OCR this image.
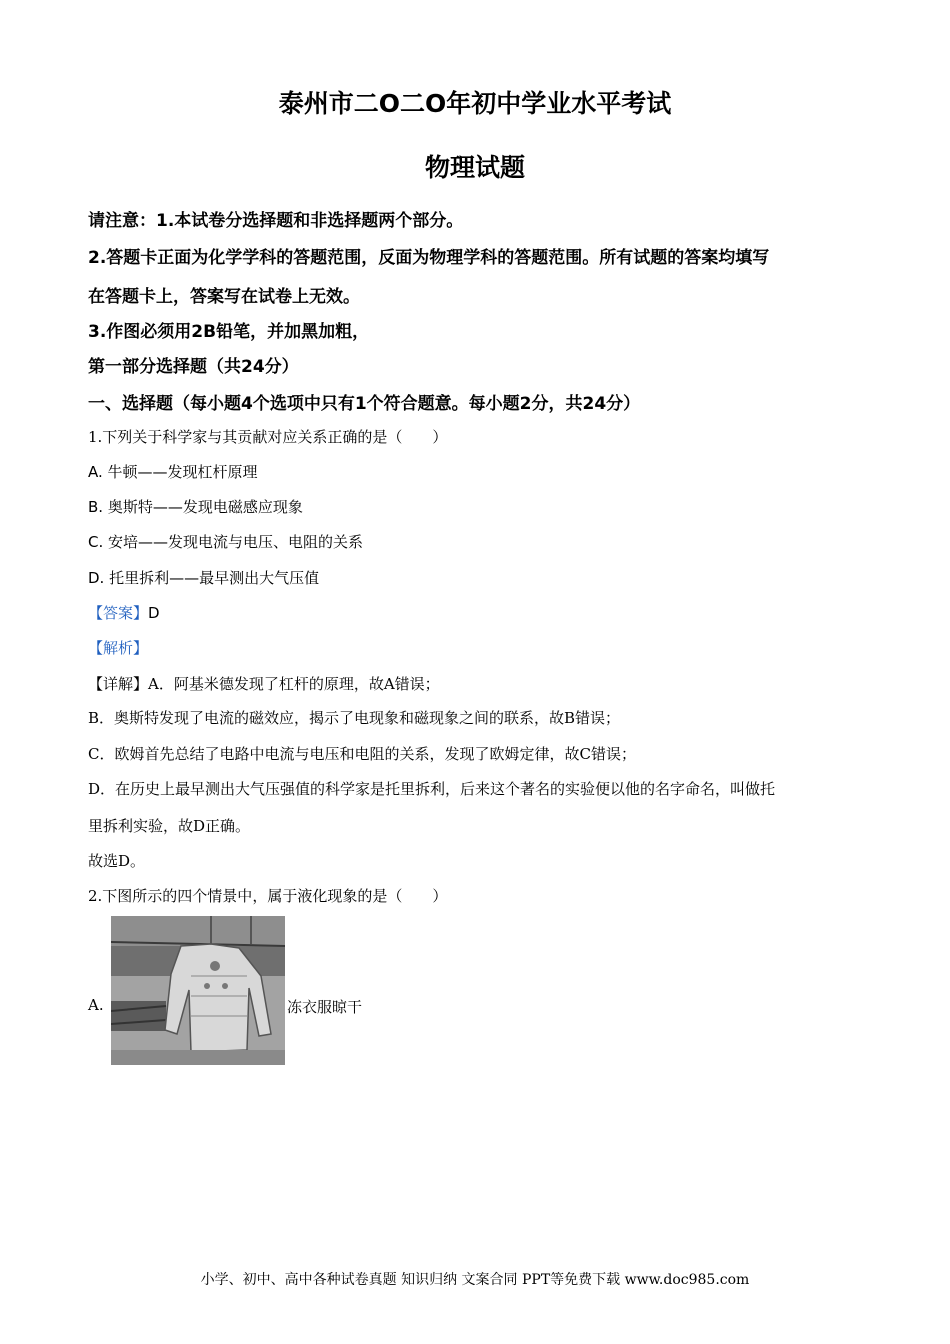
泰州市二O二O年初中学业水平考试
物理试题
请注意：1.本试卷分选择题和非选择题两个部分。
2.答题卡正面为化学学科的答题范围，反面为物理学科的答题范围。所有试题的答案均填写
在答题卡上，答案写在试卷上无效。
3.作图必须用2B铅笔，并加黑加粗，
第一部分选择题（共24分）
一、选择题（每小题4个选项中只有1个符合题意。每小题2分，共24分）
1.下列关于科学家与其贡献对应关系正确的是（　　）
A. 牛顿——发现杠杆原理
B. 奥斯特——发现电磁感应现象
C. 安培——发现电流与电压、电阻的关系
D. 托里拆利——最早测出大气压值
【答案】D
【解析】
【详解】A．阿基米德发现了杠杆的原理，故A错误；
B．奥斯特发现了电流的磁效应，揭示了电现象和磁现象之间的联系，故B错误；
C．欧姆首先总结了电路中电流与电压和电阻的关系，发现了欧姆定律，故C错误；
D．在历史上最早测出大气压强值的科学家是托里拆利，后来这个著名的实验便以他的名字命名，叫做托
里拆利实验，故D正确。
故选D。
2.下图所示的四个情景中，属于液化现象的是（　　）
A.	冻衣服晾干
小学、初中、高中各种试卷真题 知识归纳 文案合同 PPT等免费下载 www.doc985.com
